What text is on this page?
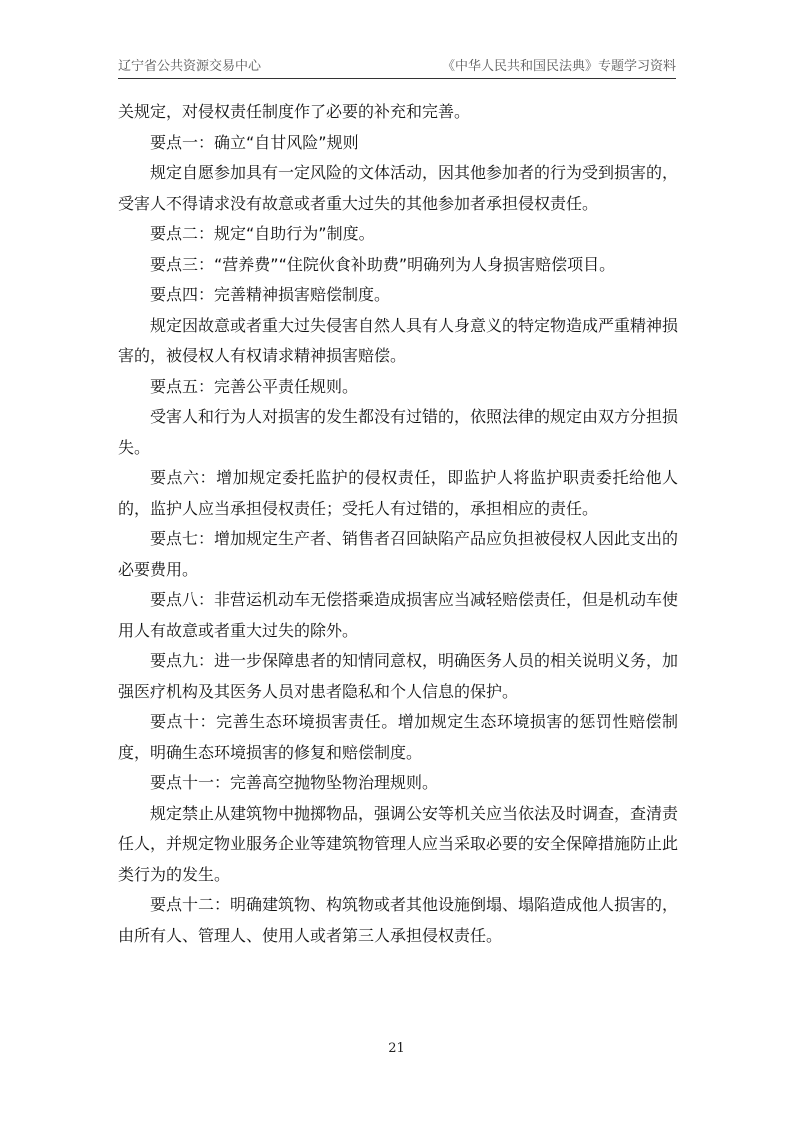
辽宁省公共资源交易中心	《中华人民共和国民法典》专题学习资料

关规定，对侵权责任制度作了必要的补充和完善。

要点一：确立“自甘风险”规则

规定自愿参加具有一定风险的文体活动，因其他参加者的行为受到损害的，受害人不得请求没有故意或者重大过失的其他参加者承担侵权责任。

要点二：规定“自助行为”制度。

要点三：“营养费”“住院伙食补助费”明确列为人身损害赔偿项目。

要点四：完善精神损害赔偿制度。

规定因故意或者重大过失侵害自然人具有人身意义的特定物造成严重精神损害的，被侵权人有权请求精神损害赔偿。

要点五：完善公平责任规则。

受害人和行为人对损害的发生都没有过错的，依照法律的规定由双方分担损失。

要点六：增加规定委托监护的侵权责任，即监护人将监护职责委托给他人的，监护人应当承担侵权责任；受托人有过错的，承担相应的责任。

要点七：增加规定生产者、销售者召回缺陷产品应负担被侵权人因此支出的必要费用。

要点八：非营运机动车无偿搭乘造成损害应当减轻赔偿责任，但是机动车使用人有故意或者重大过失的除外。

要点九：进一步保障患者的知情同意权，明确医务人员的相关说明义务，加强医疗机构及其医务人员对患者隐私和个人信息的保护。

要点十：完善生态环境损害责任。增加规定生态环境损害的惩罚性赔偿制度，明确生态环境损害的修复和赔偿制度。

要点十一：完善高空抛物坠物治理规则。

规定禁止从建筑物中抛掷物品，强调公安等机关应当依法及时调查，查清责任人，并规定物业服务企业等建筑物管理人应当采取必要的安全保障措施防止此类行为的发生。

要点十二：明确建筑物、构筑物或者其他设施倒塌、塌陷造成他人损害的，由所有人、管理人、使用人或者第三人承担侵权责任。

21
